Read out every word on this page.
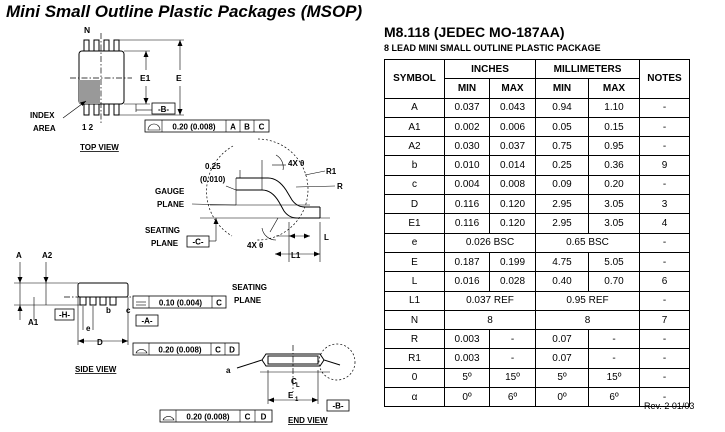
Mini Small Outline Plastic Packages (MSOP)
N
E1	E
-B-
INDEX
AREA	1 2	0.20 (0.008) A B C
TOP VIEW
4X θ
4X θ
R1
R
0.25
(0.010)
GAUGE
PLANE
SEATING
PLANE -C-	L
L1
A	A2
A1
-H-	b
e
c
-A-
D
0.10 (0.004) C
SEATING
PLANE
0.20 (0.008) C D
SIDE VIEW	a
C L
E 1
-B-
0.20 (0.008) C D	END VIEW
M8.118 (JEDEC MO-187AA)
8 LEAD MINI SMALL OUTLINE PLASTIC PACKAGE
SYMBOL	INCHES		MILLIMETERS		NOTES
	MIN	MAX	MIN	MAX	
A	0.037	0.043	0.94	1.10	-
A1	0.002	0.006	0.05	0.15	-
A2	0.030	0.037	0.75	0.95	-
b	0.010	0.014	0.25	0.36	9
c	0.004	0.008	0.09	0.20	-
D	0.116	0.120	2.95	3.05	3
E1	0.116	0.120	2.95	3.05	4
e	0.026 BSC		0.65 BSC		-
E	0.187	0.199	4.75	5.05	-
L	0.016	0.028	0.40	0.70	6
L1	0.037 REF		0.95 REF		-
N	8		8		7
R	0.003	-	0.07	-	-
R1	0.003	-	0.07	-	-
0	5º	15º	5º	15º	-
α	0º	6º	0º	6º	-
Rev. 2 01/03
